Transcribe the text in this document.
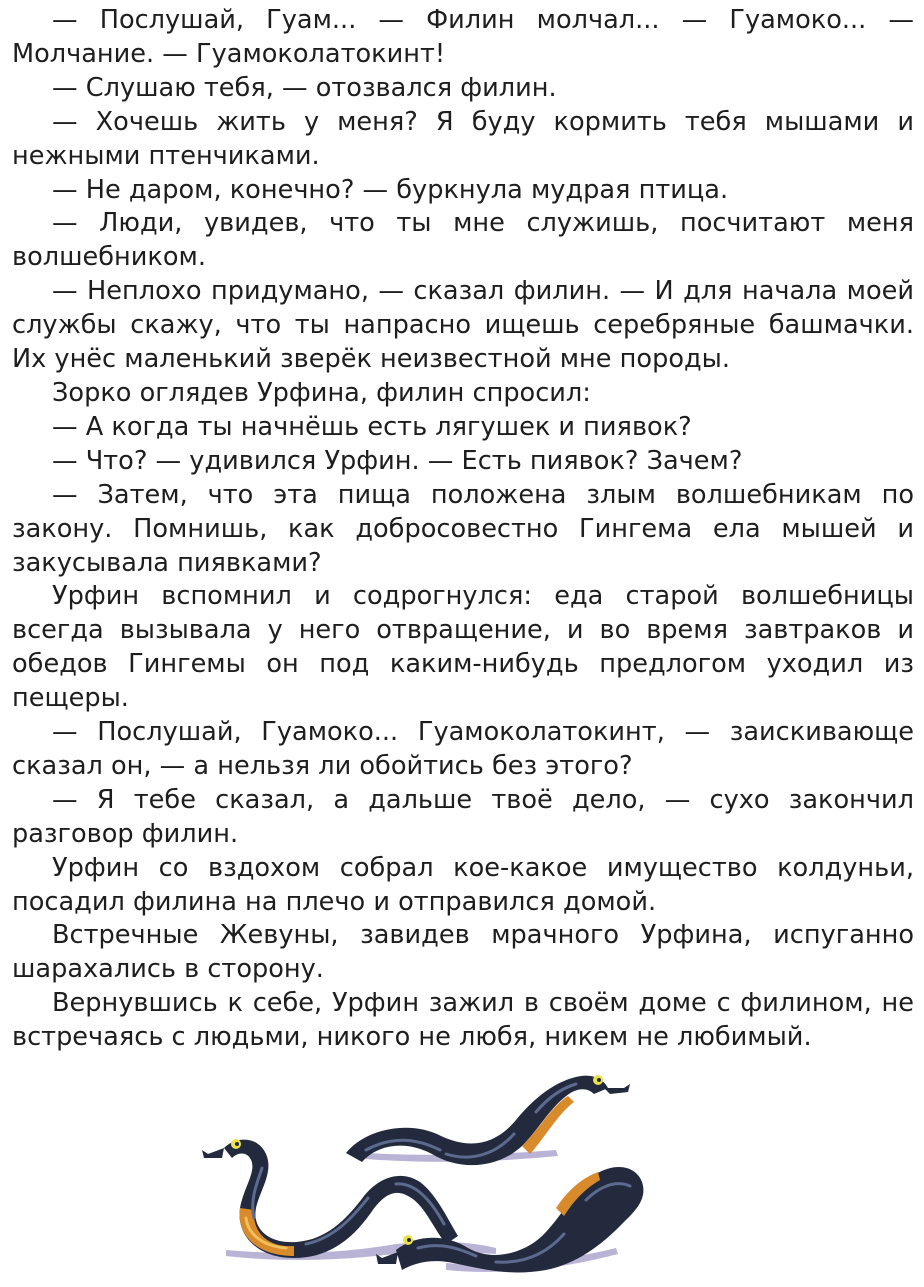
— Послушай, Гуам... — Филин молчал... — Гуамоко... — Молчание. — Гуамоколатокинт!

— Слушаю тебя, — отозвался филин.

— Хочешь жить у меня? Я буду кормить тебя мышами и нежными птенчиками.

— Не даром, конечно? — буркнула мудрая птица.

— Люди, увидев, что ты мне служишь, посчитают меня волшебником.

— Неплохо придумано, — сказал филин. — И для начала моей службы скажу, что ты напрасно ищешь серебряные башмачки. Их унёс маленький зверёк неизвестной мне породы.

Зорко оглядев Урфина, филин спросил:

— А когда ты начнёшь есть лягушек и пиявок?

— Что? — удивился Урфин. — Есть пиявок? Зачем?

— Затем, что эта пища положена злым волшебникам по закону. Помнишь, как добросовестно Гингема ела мышей и закусывала пиявками?

Урфин вспомнил и содрогнулся: еда старой волшебницы всегда вызывала у него отвращение, и во время завтраков и обедов Гингемы он под каким-нибудь предлогом уходил из пещеры.

— Послушай, Гуамоко... Гуамоколатокинт, — заискивающе сказал он, — а нельзя ли обойтись без этого?

— Я тебе сказал, а дальше твоё дело, — сухо закончил разговор филин.

Урфин со вздохом собрал кое-какое имущество колдуньи, посадил филина на плечо и отправился домой.

Встречные Жевуны, завидев мрачного Урфина, испуганно шарахались в сторону.

Вернувшись к себе, Урфин зажил в своём доме с филином, не встречаясь с людьми, никого не любя, никем не любимый.
